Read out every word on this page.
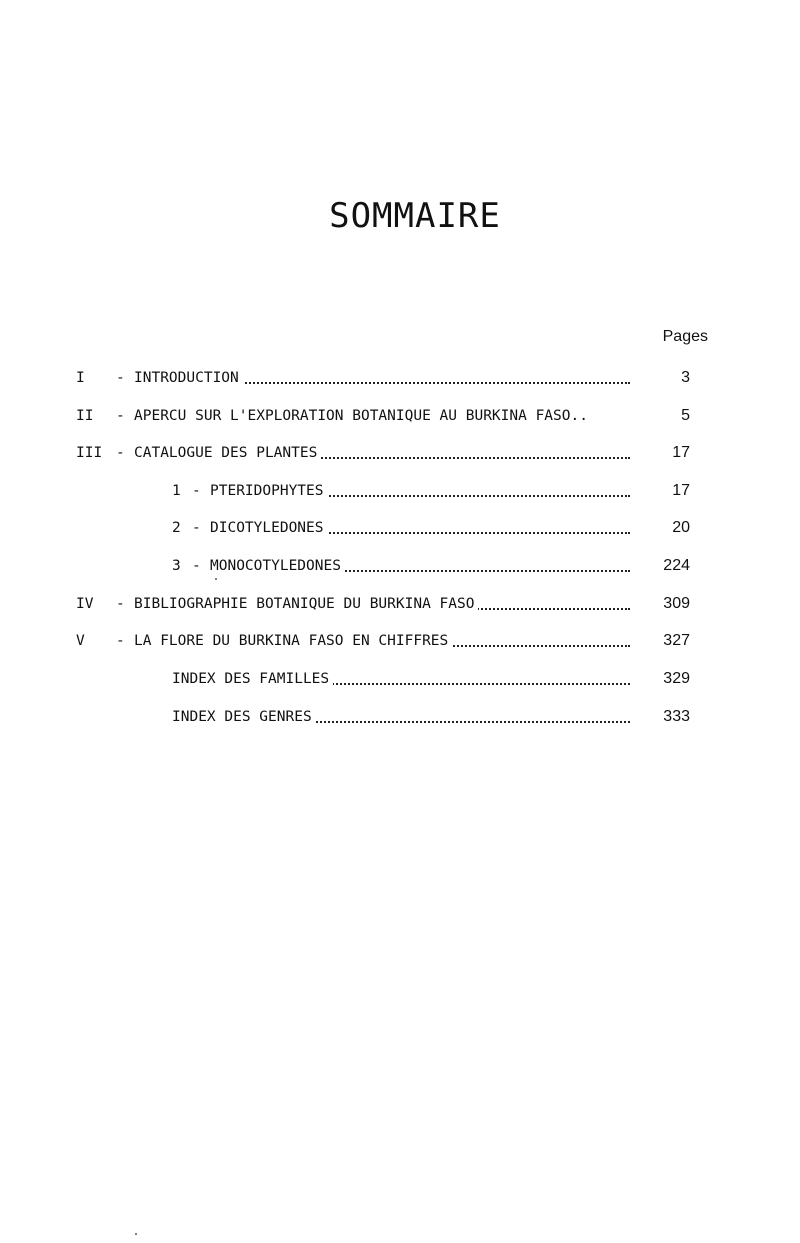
SOMMAIRE
Pages
I - INTRODUCTION	3
II - APERCU SUR L'EXPLORATION BOTANIQUE AU BURKINA FASO..	5
III - CATALOGUE DES PLANTES	17
1 - PTERIDOPHYTES	17
2 - DICOTYLEDONES	20
3 - MONOCOTYLEDONES	224
IV - BIBLIOGRAPHIE BOTANIQUE DU BURKINA FASO	309
V - LA FLORE DU BURKINA FASO EN CHIFFRES	327
INDEX DES FAMILLES	329
INDEX DES GENRES	333
